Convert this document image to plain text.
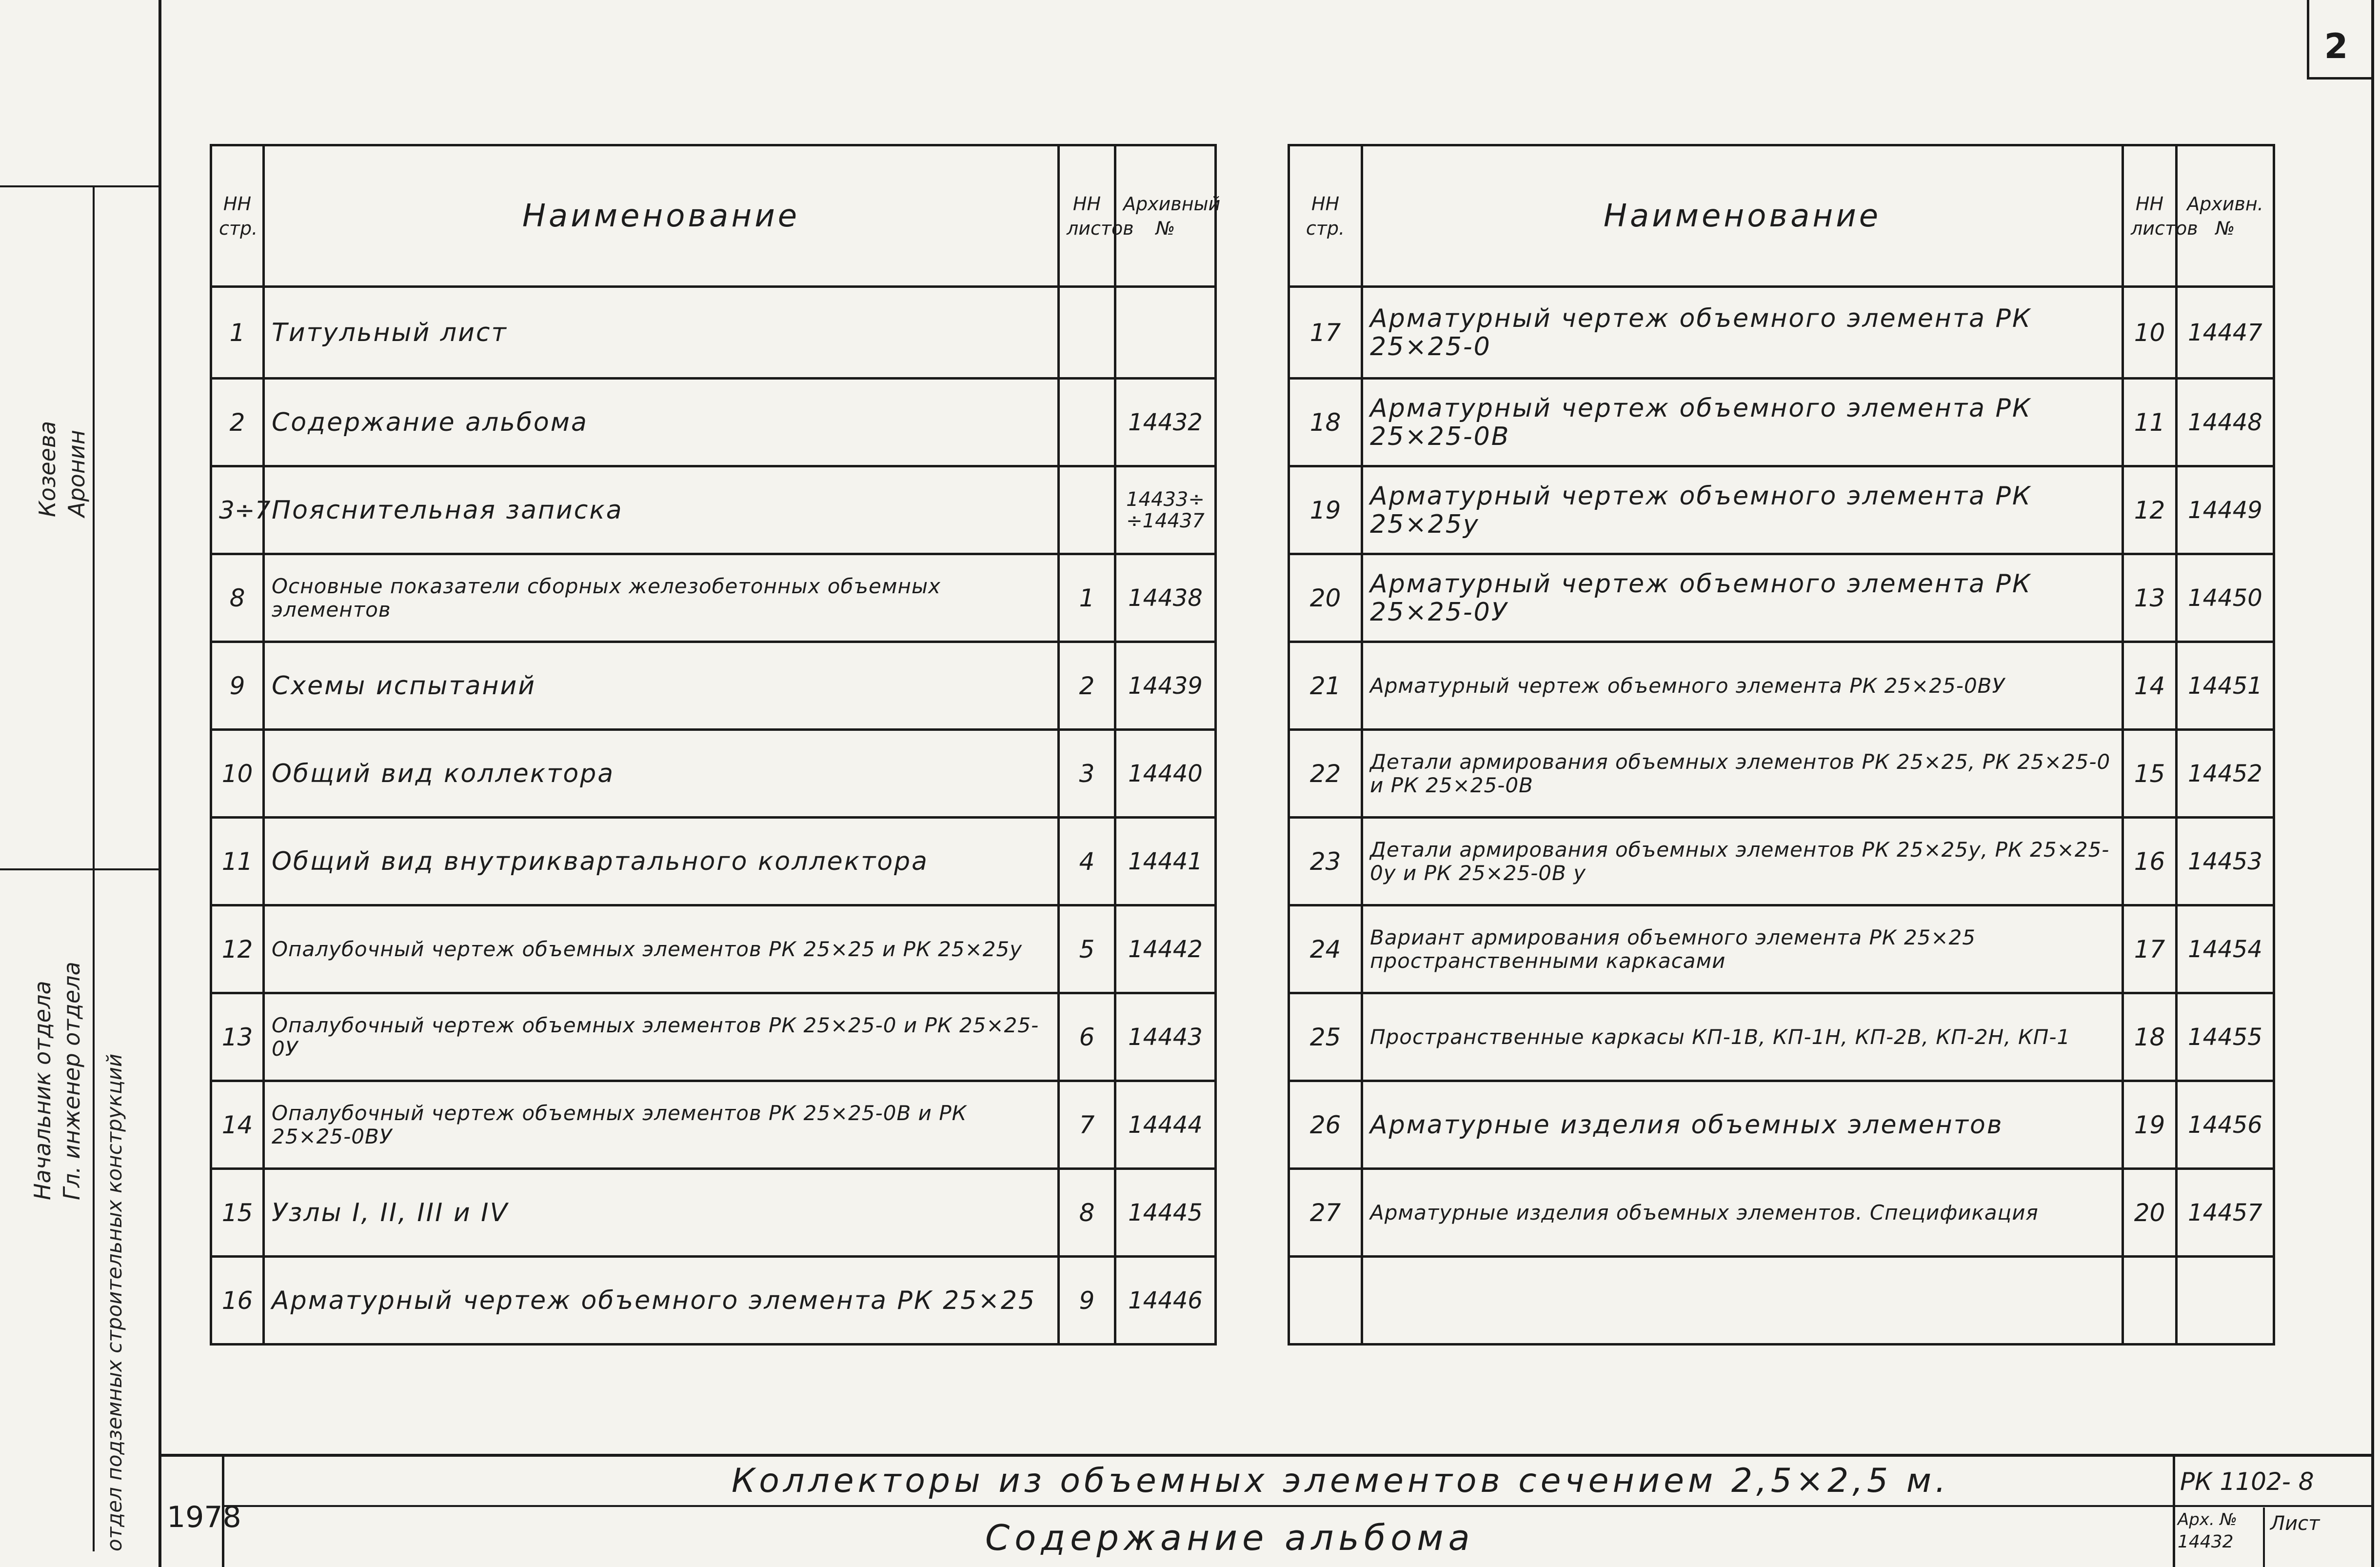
2
Козеева Аронин
Начальник отдела Гл. инженер отдела отдел подземных строительных конструкций
НН стр.	Наименование	НН листов	Архивный №
1	Титульный лист		
2	Содержание альбома		14432
3÷7	Пояснительная записка		14433÷ ÷14437
8	Основные показатели сборных железобетонных объемных элементов	1	14438
9	Схемы испытаний	2	14439
10	Общий вид коллектора	3	14440
11	Общий вид внутриквартального коллектора	4	14441
12	Опалубочный чертеж объемных элементов РК 25×25 и РК 25×25у	5	14442
13	Опалубочный чертеж объемных элементов РК 25×25-0 и РК 25×25-0У	6	14443
14	Опалубочный чертеж объемных элементов РК 25×25-0В и РК 25×25-0ВУ	7	14444
15	Узлы I, II, III и IV	8	14445
16	Арматурный чертеж объемного элемента РК 25×25	9	14446
НН стр.	Наименование	НН листов	Архивн. №
17	Арматурный чертеж объемного элемента РК 25×25-0	10	14447
18	Арматурный чертеж объемного элемента РК 25×25-0В	11	14448
19	Арматурный чертеж объемного элемента РК 25×25у	12	14449
20	Арматурный чертеж объемного элемента РК 25×25-0У	13	14450
21	Арматурный чертеж объемного элемента РК 25×25-0ВУ	14	14451
22	Детали армирования объемных элементов РК 25×25, РК 25×25-0 и РК 25×25-0В	15	14452
23	Детали армирования объемных элементов РК 25×25у, РК 25×25-0у и РК 25×25-0В у	16	14453
24	Вариант армирования объемного элемента РК 25×25 пространственными каркасами	17	14454
25	Пространственные каркасы КП-1В, КП-1Н, КП-2В, КП-2Н, КП-1	18	14455
26	Арматурные изделия объемных элементов	19	14456
27	Арматурные изделия объемных элементов. Спецификация	20	14457

1978
Коллекторы из объемных элементов сечением 2,5×2,5 м.
Содержание альбома
РК 1102- 8
Арх. №
14432
Лист
